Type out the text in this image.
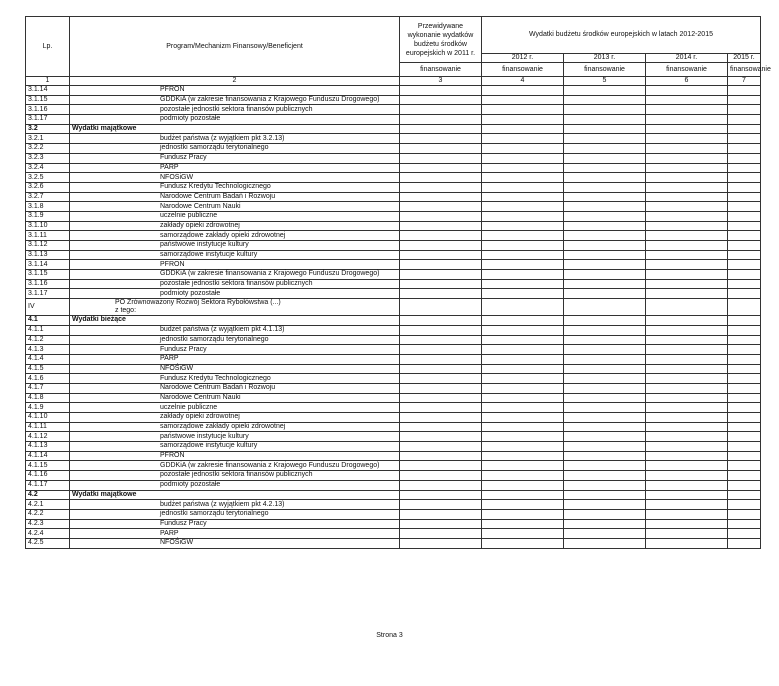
Lp.	Program/Mechanizm Finansowy/Beneficjent	Przewidywane wykonanie wydatków budżetu środków europejskich w 2011 r.	Wydatki budżetu środków europejskich w latach 2012-2015			
			2012 r.	2013 r.	2014 r.	2015 r.
		finansowanie	finansowanie	finansowanie	finansowanie	finansowanie
1	2	3	4	5	6	7
3.1.14	PFRON					
3.1.15	GDDKiA (w zakresie finansowania z Krajowego Funduszu Drogowego)					
3.1.16	pozostałe jednostki sektora finansów publicznych					
3.1.17	podmioty pozostałe					
3.2	Wydatki majątkowe					
3.2.1	budżet państwa (z wyjątkiem pkt 3.2.13)					
3.2.2	jednostki samorządu terytorialnego					
3.2.3	Fundusz Pracy					
3.2.4	PARP					
3.2.5	NFOŚiGW					
3.2.6	Fundusz Kredytu Technologicznego					
3.2.7	Narodowe Centrum Badań i Rozwoju					
3.1.8	Narodowe Centrum Nauki					
3.1.9	uczelnie publiczne					
3.1.10	zakłady opieki zdrowotnej					
3.1.11	samorządowe zakłady opieki zdrowotnej					
3.1.12	państwowe instytucje kultury					
3.1.13	samorządowe instytucje kultury					
3.1.14	PFRON					
3.1.15	GDDKiA (w zakresie finansowania z Krajowego Funduszu Drogowego)					
3.1.16	pozostałe jednostki sektora finansów publicznych					
3.1.17	podmioty pozostałe					
IV	PO Zrównoważony Rozwój Sektora Rybołówstwa (...)
z tego:					

4.1	Wydatki bieżące					
4.1.1	budżet państwa (z wyjątkiem pkt 4.1.13)					
4.1.2	jednostki samorządu terytorialnego					
4.1.3	Fundusz Pracy					
4.1.4	PARP					
4.1.5	NFOŚiGW					
4.1.6	Fundusz Kredytu Technologicznego					
4.1.7	Narodowe Centrum Badań i Rozwoju					
4.1.8	Narodowe Centrum Nauki					
4.1.9	uczelnie publiczne					
4.1.10	zakłady opieki zdrowotnej					
4.1.11	samorządowe zakłady opieki zdrowotnej					
4.1.12	państwowe instytucje kultury					
4.1.13	samorządowe instytucje kultury					
4.1.14	PFRON					
4.1.15	GDDKiA (w zakresie finansowania z Krajowego Funduszu Drogowego)					
4.1.16	pozostałe jednostki sektora finansów publicznych					
4.1.17	podmioty pozostałe					
4.2	Wydatki majątkowe					
4.2.1	budżet państwa (z wyjątkiem pkt 4.2.13)					
4.2.2	jednostki samorządu terytorialnego					
4.2.3	Fundusz Pracy					
4.2.4	PARP					
4.2.5	NFOŚiGW					
Strona 3
